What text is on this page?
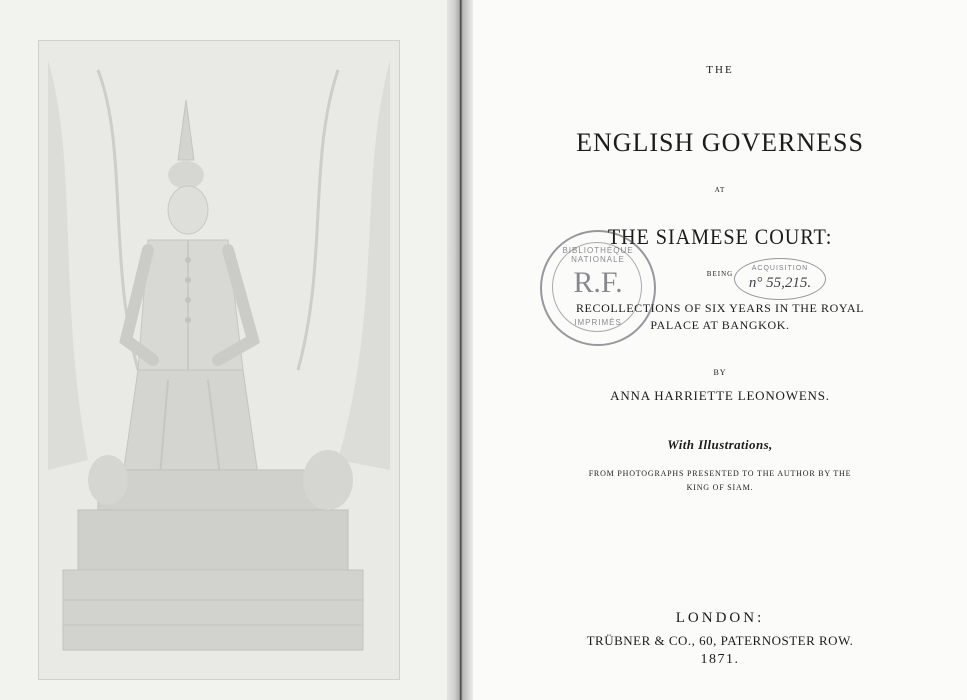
THE
ENGLISH GOVERNESS
AT
THE SIAMESE COURT:
BEING
RECOLLECTIONS OF SIX YEARS IN THE ROYAL
PALACE AT BANGKOK.
BY
ANNA HARRIETTE LEONOWENS.
With Illustrations,
FROM PHOTOGRAPHS PRESENTED TO THE AUTHOR BY THE
KING OF SIAM.
LONDON:
TRÜBNER & CO., 60, PATERNOSTER ROW.
1871.
BIBLIOTHÈQUE NATIONALE
R.F.
IMPRIMÉS
ACQUISITION
n° 55,215.
